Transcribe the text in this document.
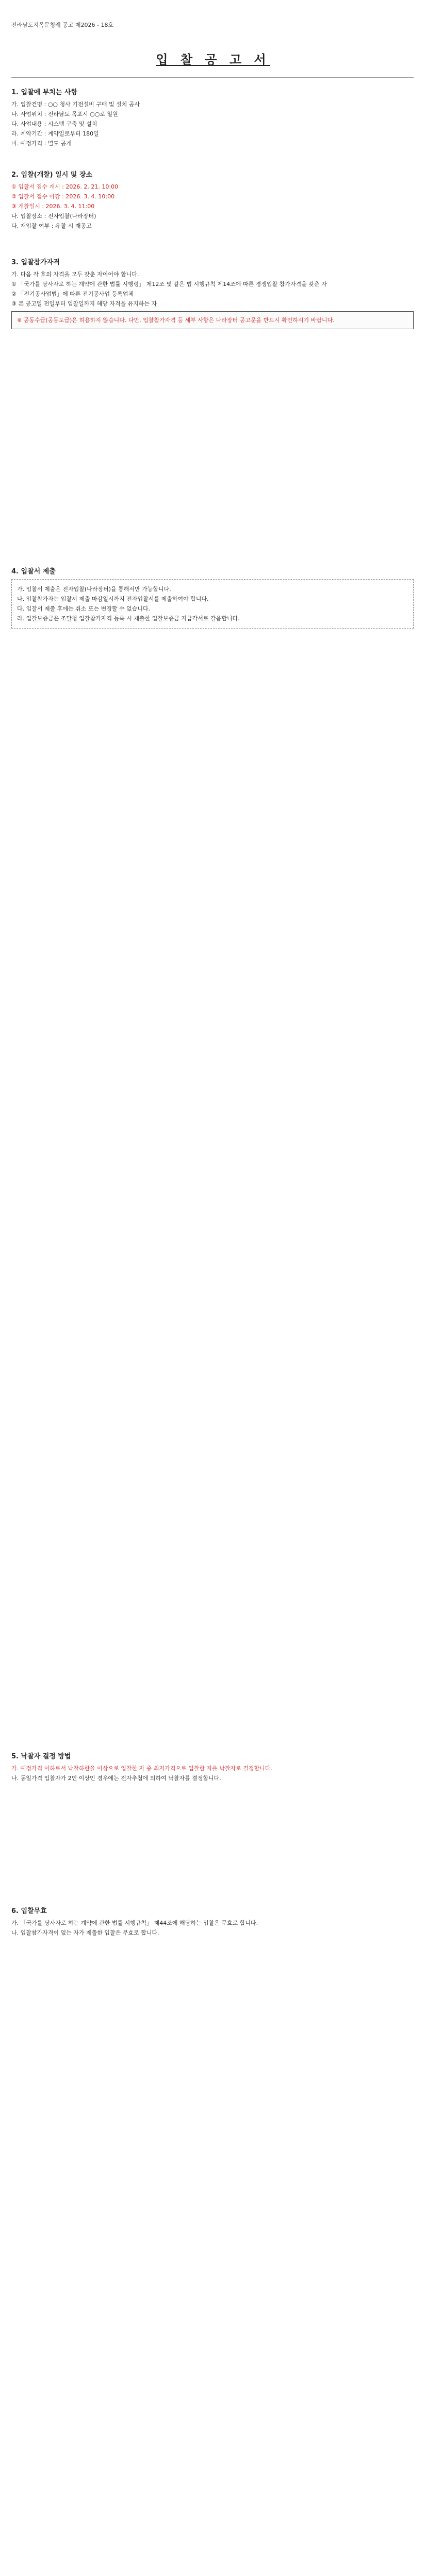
전라남도지목문청례 공고 제2026 - 18호
입 찰 공 고 서
1. 입찰에 부치는 사항

가. 입찰건명 : ○○ 청사 기전설비 구매 및 설치 공사

나. 사업위치 : 전라남도 목포시 ○○로 일원

다. 사업내용 : 시스템 구축 및 설치

라. 계약기간 : 계약일로부터 180일

마. 예정가격 : 별도 공개

2. 입찰(개찰) 일시 및 장소

① 입찰서 접수 개시 : 2026. 2. 21. 10:00

② 입찰서 접수 마감 : 2026. 3. 4. 10:00

③ 개찰일시 : 2026. 3. 4. 11:00

나. 입찰장소 : 전자입찰(나라장터)

다. 재입찰 여부 : 유찰 시 재공고

3. 입찰참가자격

가. 다음 각 호의 자격을 모두 갖춘 자이어야 합니다.

① 「국가를 당사자로 하는 계약에 관한 법률 시행령」 제12조 및 같은 법 시행규칙 제14조에 따른 경쟁입찰 참가자격을 갖춘 자

② 「전기공사업법」에 따른 전기공사업 등록업체

③ 본 공고일 전일부터 입찰일까지 해당 자격을 유지하는 자

※ 공동수급(공동도급)은 허용하지 않습니다. 다만, 입찰참가자격 등 세부 사항은 나라장터 공고문을 반드시 확인하시기 바랍니다.
4. 입찰서 제출

가. 입찰서 제출은 전자입찰(나라장터)을 통해서만 가능합니다.

나. 입찰참가자는 입찰서 제출 마감일시까지 전자입찰서를 제출하여야 합니다.

다. 입찰서 제출 후에는 취소 또는 변경할 수 없습니다.

라. 입찰보증금은 조달청 입찰참가자격 등록 시 제출한 입찰보증금 지급각서로 갈음합니다.

5. 낙찰자 결정 방법

가. 예정가격 이하로서 낙찰하한율 이상으로 입찰한 자 중 최저가격으로 입찰한 자를 낙찰자로 결정합니다.

나. 동일가격 입찰자가 2인 이상인 경우에는 전자추첨에 의하여 낙찰자를 결정합니다.

6. 입찰무효

가. 「국가를 당사자로 하는 계약에 관한 법률 시행규칙」 제44조에 해당하는 입찰은 무효로 합니다.

나. 입찰참가자격이 없는 자가 제출한 입찰은 무효로 합니다.
